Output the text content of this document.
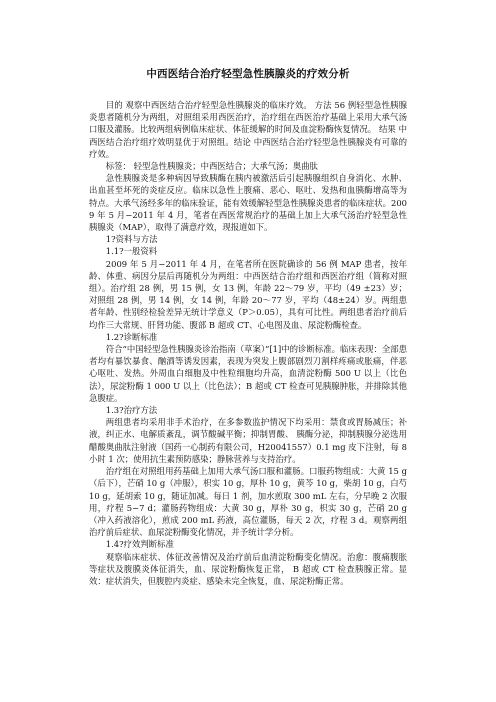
中西医结合治疗轻型急性胰腺炎的疗效分析

目的 观察中西医结合治疗轻型急性胰腺炎的临床疗效。 方法 56 例轻型急性胰腺炎患者随机分为两组，对照组采用西医治疗，治疗组在西医治疗基础上采用大承气汤口服及灌肠。比较两组病例临床症状、体征缓解的时间及血淀粉酶恢复情况。 结果 中西医结合治疗组疗效明显优于对照组。结论 中西医结合治疗轻型急性胰腺炎有可靠的疗效。

标签： 轻型急性胰腺炎；中西医结合；大承气汤；奥曲肽

急性胰腺炎是多种病因导致胰酶在胰内被激活后引起胰腺组织自身消化、水肿、出血甚至坏死的炎症反应。临床以急性上腹痛、恶心、呕吐、发热和血胰酶增高等为特点。大承气汤经多年的临床验证，能有效缓解轻型急性胰腺炎患者的临床症状。2009 年 5 月−2011 年 4 月，笔者在西医常规治疗的基础上加上大承气汤治疗轻型急性胰腺炎（MAP），取得了满意疗效，现报道如下。

1?资料与方法

1.1?一般资料

2009 年 5 月−2011 年 4 月，在笔者所在医院确诊的 56 例 MAP 患者，按年龄、体重、病因分层后再随机分为两组：中西医结合治疗组和西医治疗组（简称对照组）。治疗组 28 例，男 15 例，女 13 例，年龄 22～79 岁，平均（49 ±23）岁；对照组 28 例，男 14 例，女 14 例，年龄 20～77 岁，平均（48±24）岁。两组患者年龄、性别经检验差异无统计学意义（P＞0.05），具有可比性。两组患者治疗前后均作三大常规、肝肾功能、腹部 B 超或 CT、心电图及血、尿淀粉酶检查。

1.2?诊断标准

符合“中国轻型急性胰腺炎诊治指南（草案）”[1]中的诊断标准。临床表现：全部患者均有暴饮暴食、酗酒等诱发因素，表现为突发上腹部剧烈刀割样疼痛或胀痛，伴恶心呕吐、发热。外周血白细胞及中性粒细胞均升高，血清淀粉酶 500 U 以上（比色法），尿淀粉酶 1 000 U 以上（比色法）；B 超或 CT 检查可见胰腺肿胀，并排除其他急腹症。

1.3?治疗方法

两组患者均采用非手术治疗，在多参数监护情况下均采用：禁食或胃肠减压；补液，纠正水、电解质紊乱，调节酸碱平衡；抑制胃酸、 胰酶分泌，抑制胰腺分泌选用醋酸奥曲肽注射液（国药一心制药有限公司，H20041557）0.1 mg 皮下注射，每 8 小时 1 次；使用抗生素预防感染；静脉营养与支持治疗。

治疗组在对照组用药基础上加用大承气汤口服和灌肠。口服药物组成：大黄 15 g（后下），芒硝 10 g（冲服），枳实 10 g，厚朴 10 g，黄芩 10 g，柴胡 10 g，白芍 10 g，延胡索 10 g，随证加减。每日 1 剂，加水煎取 300 mL 左右，分早晚 2 次服用，疗程 5−7 d；灌肠药物组成：大黄 30 g，厚朴 30 g，枳实 30 g，芒硝 20 g （冲入药液溶化），煎成 200 mL 药液，高位灌肠，每天 2 次，疗程 3 d。观察两组治疗前后症状、血尿淀粉酶变化情况，并予统计学分析。

1.4?疗效判断标准

观察临床症状、体征改善情况及治疗前后血清淀粉酶变化情况。治愈：腹痛腹胀等症状及腹膜炎体征消失，血、尿淀粉酶恢复正常， B 超或 CT 检查胰腺正常。显效：症状消失，但腹腔内炎症、感染未完全恢复，血、尿淀粉酶正常。
